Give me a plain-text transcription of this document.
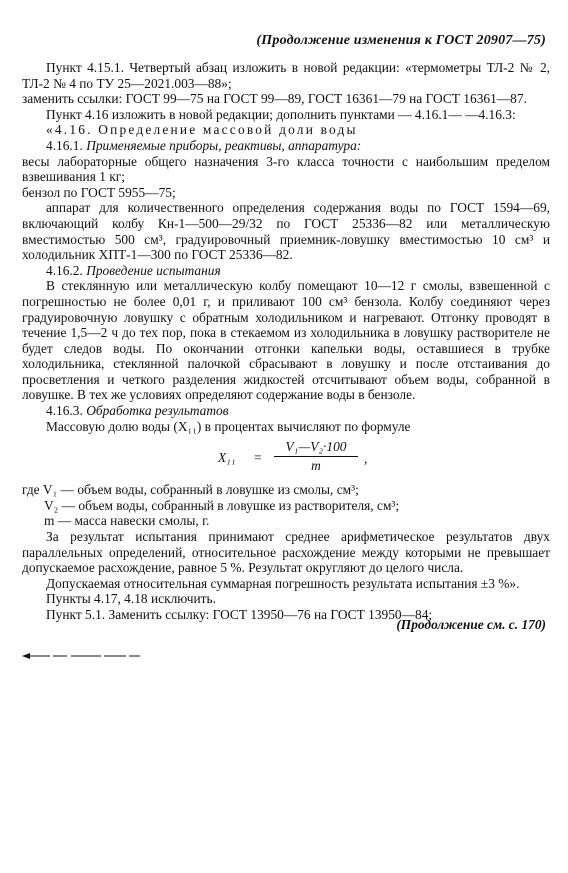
(Продолжение изменения к ГОСТ 20907—75)

Пункт 4.15.1. Четвертый абзац изложить в новой редакции: «термометры ТЛ-2 № 2, ТЛ-2 № 4 по ТУ 25—2021.003—88»;

заменить ссылки: ГОСТ 99—75 на ГОСТ 99—89, ГОСТ 16361—79 на ГОСТ 16361—87.

Пункт 4.16 изложить в новой редакции; дополнить пунктами — 4.16.1— —4.16.3:

«4.16. Определение массовой доли воды

4.16.1. Применяемые приборы, реактивы, аппаратура:

весы лабораторные общего назначения 3-го класса точности с наибольшим пределом взвешивания 1 кг;

бензол по ГОСТ 5955—75;

аппарат для количественного определения содержания воды по ГОСТ 1594—69, включающий колбу Кн-1—500—29/32 по ГОСТ 25336—82 или металлическую вместимостью 500 см³, градуировочный приемник-ловушку вместимостью 10 см³ и холодильник ХПТ-1—300 по ГОСТ 25336—82.

4.16.2. Проведение испытания

В стеклянную или металлическую колбу помещают 10—12 г смолы, взвешенной с погрешностью не более 0,01 г, и приливают 100 см³ бензола. Колбу соединяют через градуировочную ловушку с обратным холодильником и нагревают. Отгонку проводят в течение 1,5—2 ч до тех пор, пока в стекаемом из холодильника в ловушку растворителе не будет следов воды. По окончании отгонки капельки воды, оставшиеся в трубке холодильника, стеклянной палочкой сбрасывают в ловушку и после отстаивания до просветления и четкого разделения жидкостей отсчитывают объем воды, собранной в ловушке. В тех же условиях определяют содержание воды в бензоле.

4.16.3. Обработка результатов

Массовую долю воды (X₁₁) в процентах вычисляют по формуле

$X_{11} = \frac{\text{V₁—V₂·100}}{m}$ ,

где V₁ — объем воды, собранный в ловушке из смолы, см³;

V₂ — объем воды, собранный в ловушке из растворителя, см³;

m — масса навески смолы, г.

За результат испытания принимают среднее арифметическое результатов двух параллельных определений, относительное расхождение между которыми не превышает допускаемое расхождение, равное 5 %. Результат округляют до целого числа.

Допускаемая относительная суммарная погрешность результата испытания ±3 %».

Пункты 4.17, 4.18 исключить.

Пункт 5.1. Заменить ссылку: ГОСТ 13950—76 на ГОСТ 13950—84;

(Продолжение см. с. 170)
